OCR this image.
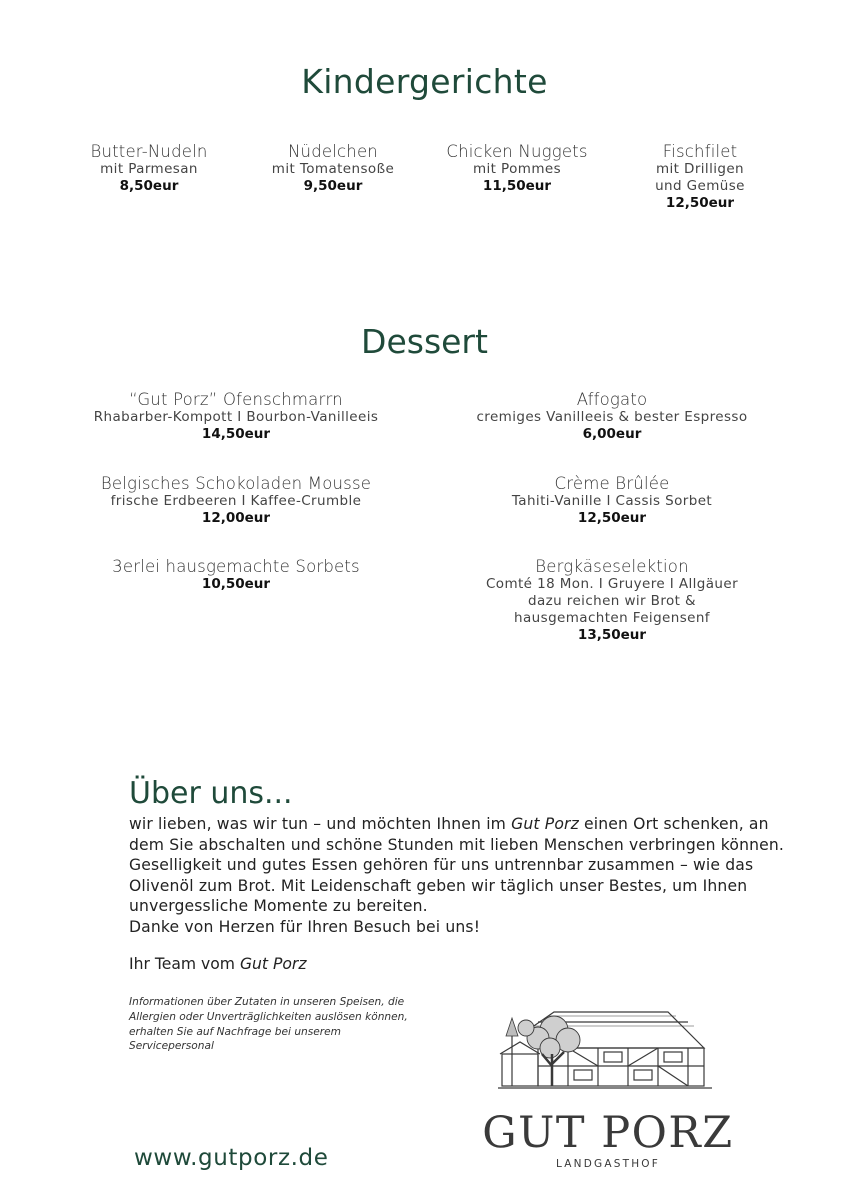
Kindergerichte
Butter-Nudeln
mit Parmesan
8,50eur
Nüdelchen
mit Tomatensoße
9,50eur
Chicken Nuggets
mit Pommes
11,50eur
Fischfilet
mit Drilligen
und Gemüse
12,50eur
Dessert
“Gut Porz” Ofenschmarrn
Rhabarber-Kompott I Bourbon-Vanilleeis
14,50eur
Belgisches Schokoladen Mousse
frische Erdbeeren I Kaffee-Crumble
12,00eur
3erlei hausgemachte Sorbets
10,50eur
Affogato
cremiges Vanilleeis & bester Espresso
6,00eur
Crème Brûlée
Tahiti-Vanille I Cassis Sorbet
12,50eur
Bergkäseselektion
Comté 18 Mon. I Gruyere I Allgäuer
dazu reichen wir Brot &
hausgemachten Feigensenf
13,50eur
Über uns...

wir lieben, was wir tun – und möchten Ihnen im Gut Porz einen Ort schenken, an dem Sie abschalten und schöne Stunden mit lieben Menschen verbringen können. Geselligkeit und gutes Essen gehören für uns untrennbar zusammen – wie das Olivenöl zum Brot. Mit Leidenschaft geben wir täglich unser Bestes, um Ihnen unvergessliche Momente zu bereiten.

Danke von Herzen für Ihren Besuch bei uns!

Ihr Team vom Gut Porz
Informationen über Zutaten in unseren Speisen, die Allergien oder Unverträglichkeiten auslösen können, erhalten Sie auf Nachfrage bei unserem Servicepersonal
www.gutporz.de	GUT PORZ
LANDGASTHOF
